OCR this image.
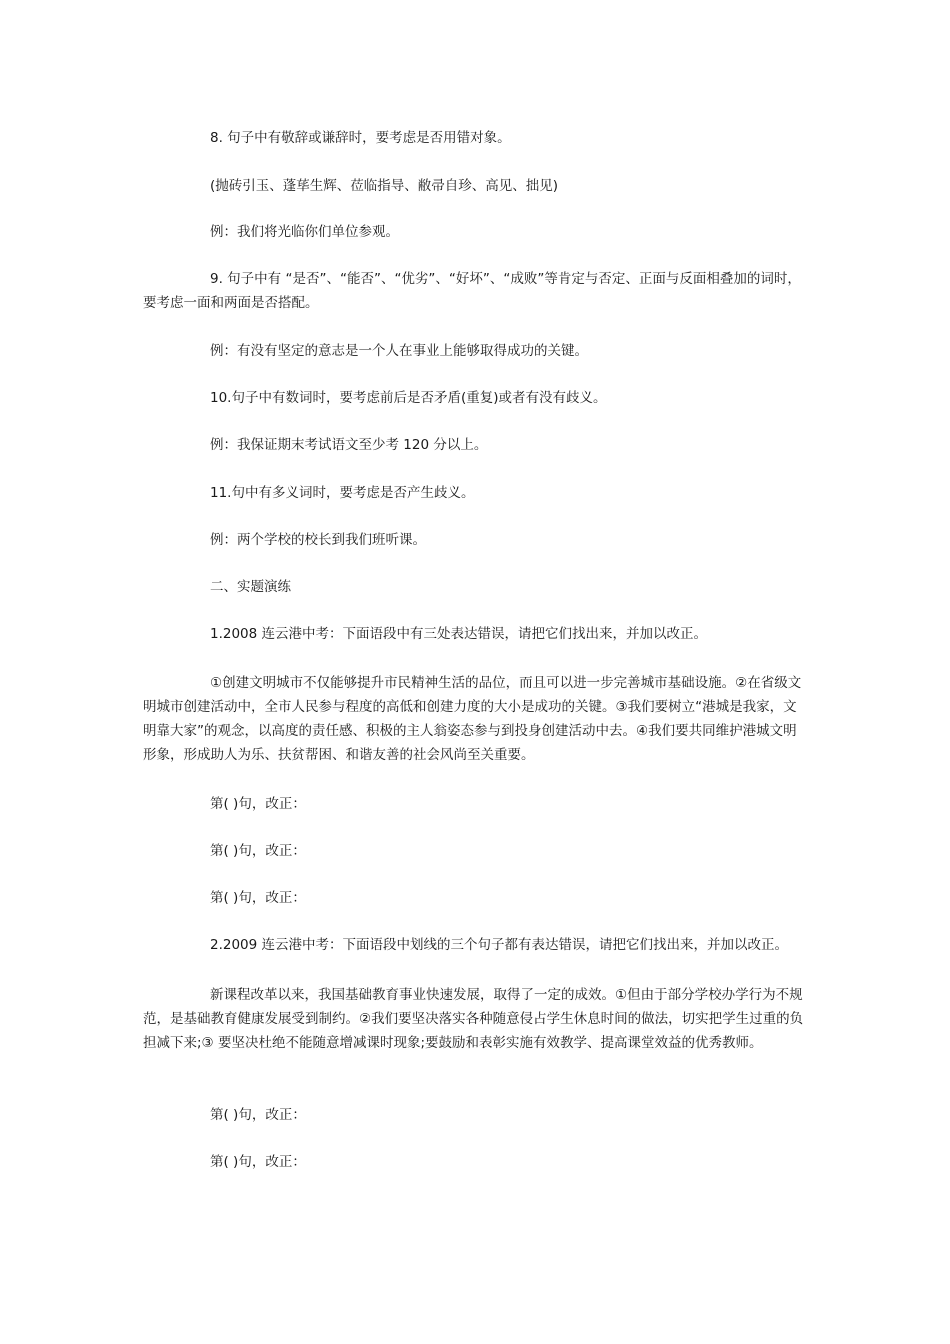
8. 句子中有敬辞或谦辞时，要考虑是否用错对象。

(抛砖引玉、蓬荜生辉、莅临指导、敝帚自珍、高见、拙见)

例：我们将光临你们单位参观。

9. 句子中有 “是否”、“能否”、“优劣”、“好坏”、“成败”等肯定与否定、正面与反面相叠加的词时，要考虑一面和两面是否搭配。

例：有没有坚定的意志是一个人在事业上能够取得成功的关键。

10.句子中有数词时，要考虑前后是否矛盾(重复)或者有没有歧义。

例：我保证期末考试语文至少考 120 分以上。

11.句中有多义词时，要考虑是否产生歧义。

例：两个学校的校长到我们班听课。

二、实题演练

1.2008 连云港中考：下面语段中有三处表达错误，请把它们找出来，并加以改正。

①创建文明城市不仅能够提升市民精神生活的品位，而且可以进一步完善城市基础设施。②在省级文明城市创建活动中，全市人民参与程度的高低和创建力度的大小是成功的关键。③我们要树立“港城是我家，文明靠大家”的观念，以高度的责任感、积极的主人翁姿态参与到投身创建活动中去。④我们要共同维护港城文明形象，形成助人为乐、扶贫帮困、和谐友善的社会风尚至关重要。

第( )句，改正：

第( )句，改正：

第( )句，改正：

2.2009 连云港中考：下面语段中划线的三个句子都有表达错误，请把它们找出来，并加以改正。

新课程改革以来，我国基础教育事业快速发展，取得了一定的成效。①但由于部分学校办学行为不规范，是基础教育健康发展受到制约。②我们要坚决落实各种随意侵占学生休息时间的做法，切实把学生过重的负担减下来;③ 要坚决杜绝不能随意增减课时现象;要鼓励和表彰实施有效教学、提高课堂效益的优秀教师。

第( )句，改正：

第( )句，改正：
